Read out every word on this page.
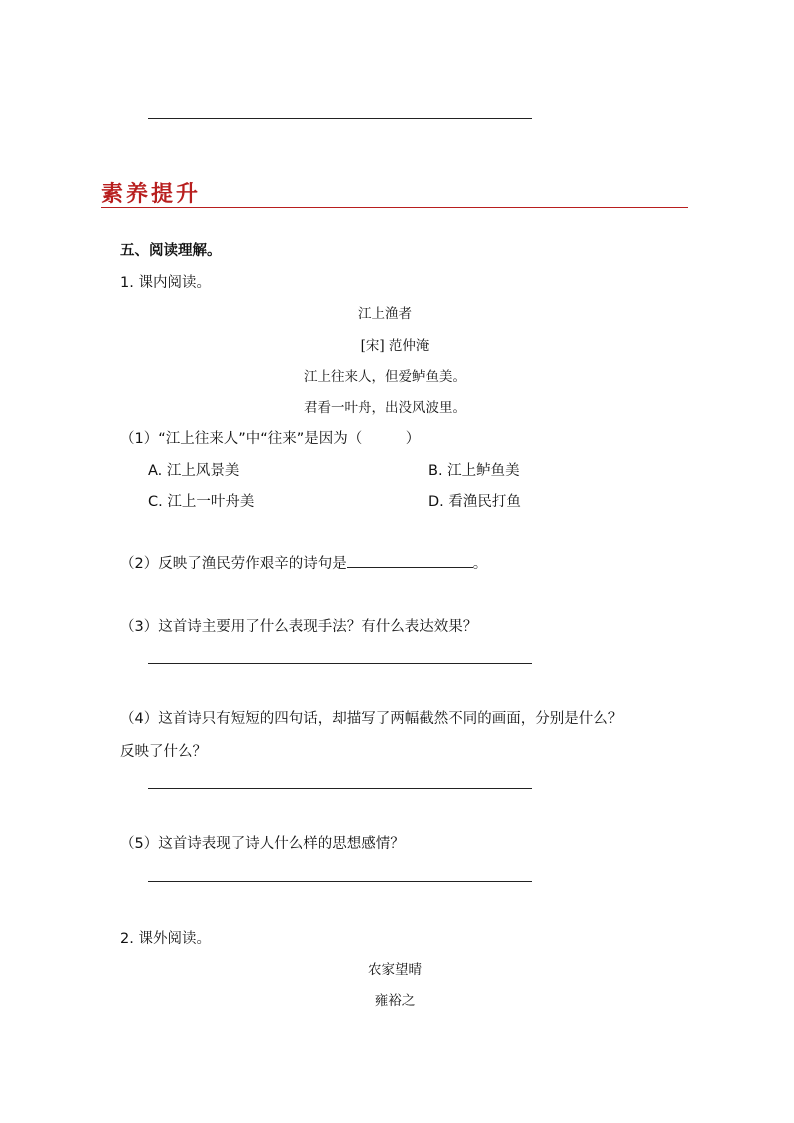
素养提升
五、阅读理解。
1. 课内阅读。
江上渔者
[宋] 范仲淹
江上往来人，但爱鲈鱼美。
君看一叶舟，出没风波里。
（1）“江上往来人”中“往来”是因为（　　　）
A. 江上风景美	B. 江上鲈鱼美
C. 江上一叶舟美	D. 看渔民打鱼
（2）反映了渔民劳作艰辛的诗句是	。
（3）这首诗主要用了什么表现手法？有什么表达效果？
（4）这首诗只有短短的四句话，却描写了两幅截然不同的画面，分别是什么？
反映了什么？
（5）这首诗表现了诗人什么样的思想感情？
2. 课外阅读。
农家望晴
雍裕之
